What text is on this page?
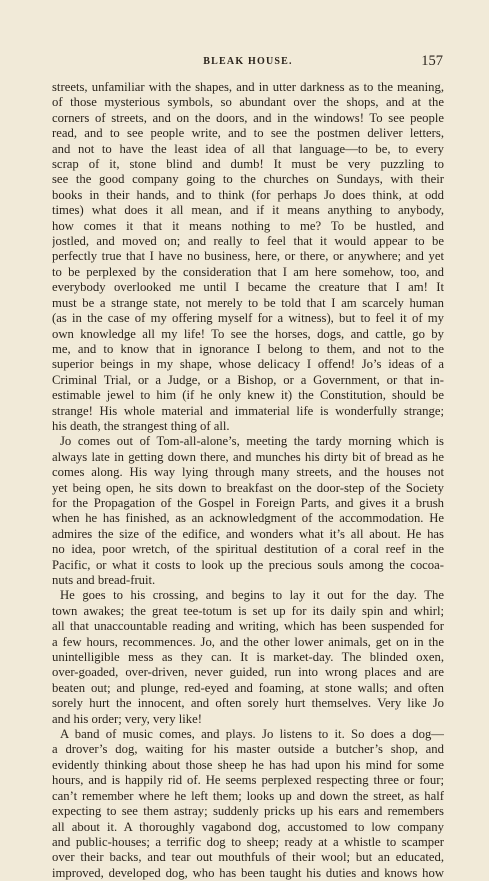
BLEAK HOUSE.	157
streets, unfamiliar with the shapes, and in utter darkness as to the meaning,
of those mysterious symbols, so abundant over the shops, and at the
corners of streets, and on the doors, and in the windows! To see people
read, and to see people write, and to see the postmen deliver letters,
and not to have the least idea of all that language—to be, to every
scrap of it, stone blind and dumb! It must be very puzzling to
see the good company going to the churches on Sundays, with their
books in their hands, and to think (for perhaps Jo does think, at odd
times) what does it all mean, and if it means anything to anybody,
how comes it that it means nothing to me? To be hustled, and
jostled, and moved on; and really to feel that it would appear to be
perfectly true that I have no business, here, or there, or anywhere; and yet
to be perplexed by the consideration that I am here somehow, too, and
everybody overlooked me until I became the creature that I am! It
must be a strange state, not merely to be told that I am scarcely human
(as in the case of my offering myself for a witness), but to feel it of my
own knowledge all my life! To see the horses, dogs, and cattle, go by
me, and to know that in ignorance I belong to them, and not to the
superior beings in my shape, whose delicacy I offend! Jo’s ideas of a
Criminal Trial, or a Judge, or a Bishop, or a Government, or that in-
estimable jewel to him (if he only knew it) the Constitution, should be
strange! His whole material and immaterial life is wonderfully strange;
his death, the strangest thing of all.
Jo comes out of Tom-all-alone’s, meeting the tardy morning which is
always late in getting down there, and munches his dirty bit of bread as he
comes along. His way lying through many streets, and the houses not
yet being open, he sits down to breakfast on the door-step of the Society
for the Propagation of the Gospel in Foreign Parts, and gives it a brush
when he has finished, as an acknowledgment of the accommodation. He
admires the size of the edifice, and wonders what it’s all about. He has
no idea, poor wretch, of the spiritual destitution of a coral reef in the
Pacific, or what it costs to look up the precious souls among the cocoa-
nuts and bread-fruit.
He goes to his crossing, and begins to lay it out for the day. The
town awakes; the great tee-totum is set up for its daily spin and whirl;
all that unaccountable reading and writing, which has been suspended for
a few hours, recommences. Jo, and the other lower animals, get on in the
unintelligible mess as they can. It is market-day. The blinded oxen,
over-goaded, over-driven, never guided, run into wrong places and are
beaten out; and plunge, red-eyed and foaming, at stone walls; and often
sorely hurt the innocent, and often sorely hurt themselves. Very like Jo
and his order; very, very like!
A band of music comes, and plays. Jo listens to it. So does a dog—
a drover’s dog, waiting for his master outside a butcher’s shop, and
evidently thinking about those sheep he has had upon his mind for some
hours, and is happily rid of. He seems perplexed respecting three or four;
can’t remember where he left them; looks up and down the street, as half
expecting to see them astray; suddenly pricks up his ears and remembers
all about it. A thoroughly vagabond dog, accustomed to low company
and public-houses; a terrific dog to sheep; ready at a whistle to scamper
over their backs, and tear out mouthfuls of their wool; but an educated,
improved, developed dog, who has been taught his duties and knows how
